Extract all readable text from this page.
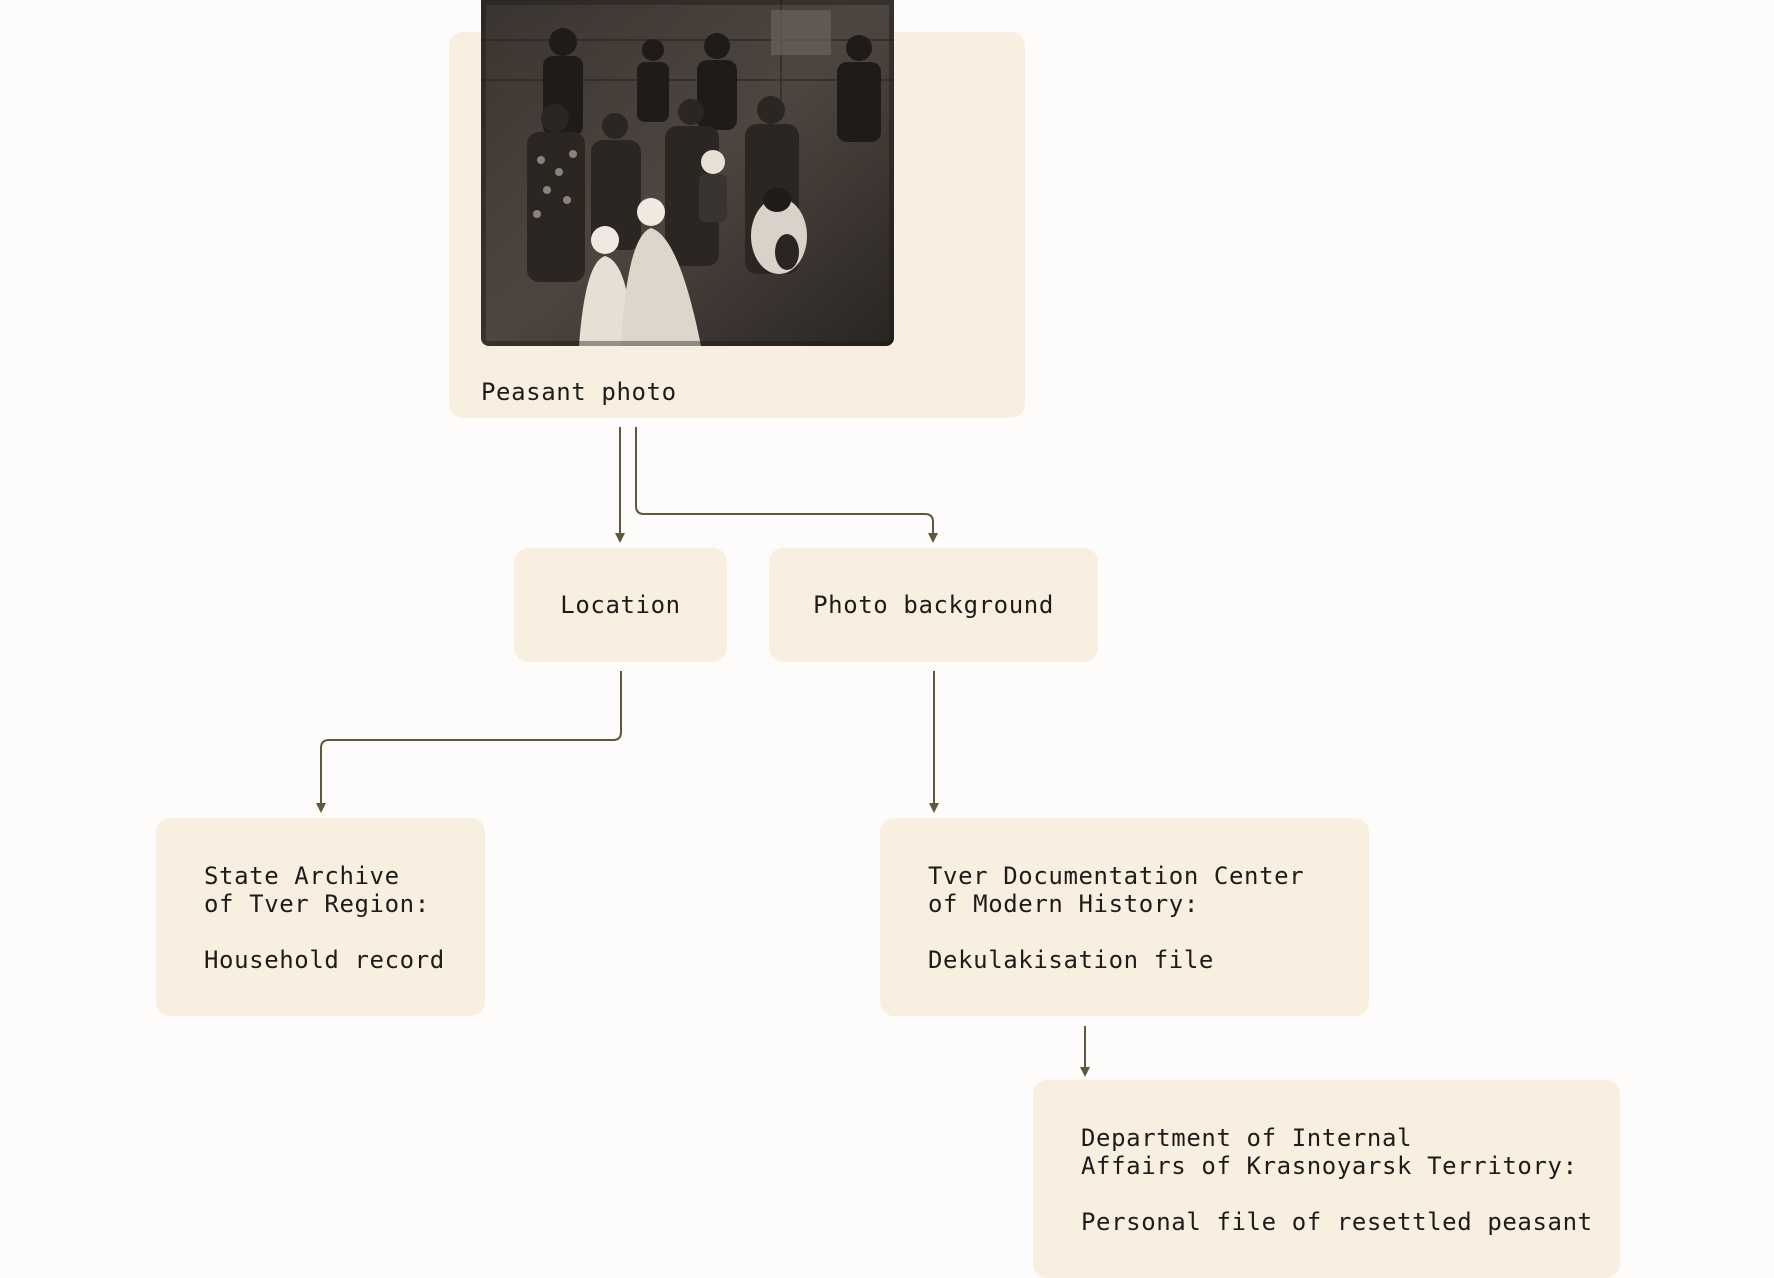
Peasant photo
Location	Photo background
State Archive
of Tver Region:
Household record
Tver Documentation Center
of Modern History:
Dekulakisation file
Department of Internal
Affairs of Krasnoyarsk Territory:
Personal file of resettled peasant
